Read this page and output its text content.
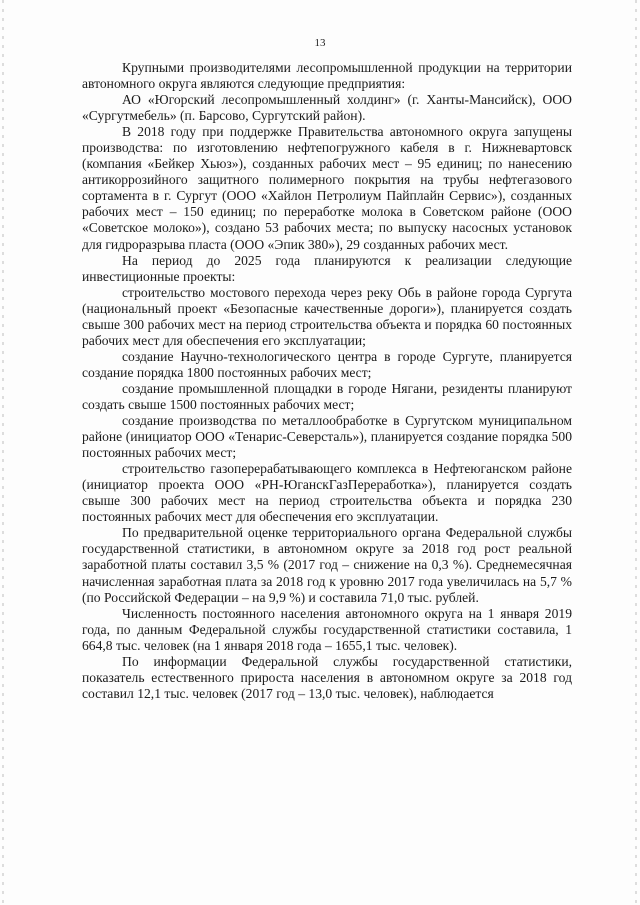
13

Крупными производителями лесопромышленной продукции на территории автономного округа являются следующие предприятия:

АО «Югорский лесопромышленный холдинг» (г. Ханты-Мансийск), ООО «Сургутмебель» (п. Барсово, Сургутский район).

В 2018 году при поддержке Правительства автономного округа запущены производства: по изготовлению нефтепогружного кабеля в г. Нижневартовск (компания «Бейкер Хьюз»), созданных рабочих мест – 95 единиц; по нанесению антикоррозийного защитного полимерного покрытия на трубы нефтегазового сортамента в г. Сургут (ООО «Хайлон Петролиум Пайплайн Сервис»), созданных рабочих мест – 150 единиц; по переработке молока в Советском районе (ООО «Советское молоко»), создано 53 рабочих места; по выпуску насосных установок для гидроразрыва пласта (ООО «Эпик 380»), 29 созданных рабочих мест.

На период до 2025 года планируются к реализации следующие инвестиционные проекты:

строительство мостового перехода через реку Обь в районе города Сургута (национальный проект «Безопасные качественные дороги»), планируется создать свыше 300 рабочих мест на период строительства объекта и порядка 60 постоянных рабочих мест для обеспечения его эксплуатации;

создание Научно-технологического центра в городе Сургуте, планируется создание порядка 1800 постоянных рабочих мест;

создание промышленной площадки в городе Нягани, резиденты планируют создать свыше 1500 постоянных рабочих мест;

создание производства по металлообработке в Сургутском муниципальном районе (инициатор ООО «Тенарис-Северсталь»), планируется создание порядка 500 постоянных рабочих мест;

строительство газоперерабатывающего комплекса в Нефтеюганском районе (инициатор проекта ООО «РН-ЮганскГазПереработка»), планируется создать свыше 300 рабочих мест на период строительства объекта и порядка 230 постоянных рабочих мест для обеспечения его эксплуатации.

По предварительной оценке территориального органа Федеральной службы государственной статистики, в автономном округе за 2018 год рост реальной заработной платы составил 3,5 % (2017 год – снижение на 0,3 %). Среднемесячная начисленная заработная плата за 2018 год к уровню 2017 года увеличилась на 5,7 % (по Российской Федерации – на 9,9 %) и составила 71,0 тыс. рублей.

Численность постоянного населения автономного округа на 1 января 2019 года, по данным Федеральной службы государственной статистики составила, 1 664,8 тыс. человек (на 1 января 2018 года – 1655,1 тыс. человек).

По информации Федеральной службы государственной статистики, показатель естественного прироста населения в автономном округе за 2018 год составил 12,1 тыс. человек (2017 год – 13,0 тыс. человек), наблюдается
